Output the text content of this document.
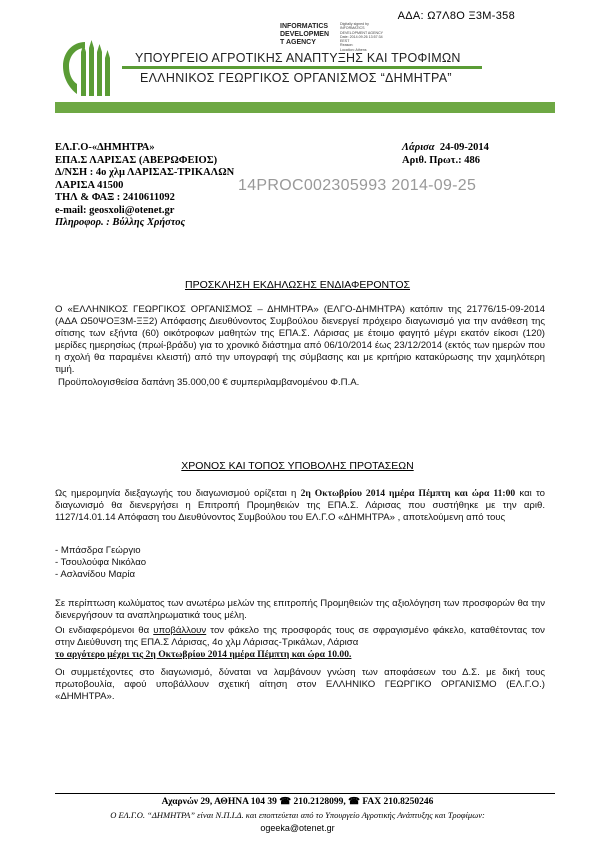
ΑΔΑ: Ω7Λ8Ο Ξ3Μ-358
INFORMATICS
DEVELOPMEN
T AGENCY
Digitally signed by
INFORMATICS
DEVELOPMENT AGENCY
Date: 2014.09.26 13:57:34
EEST
Reason:
Location: Athens
ΥΠΟΥΡΓΕΙΟ ΑΓΡΟΤΙΚΗΣ ΑΝΑΠΤΥΞΗΣ ΚΑΙ ΤΡΟΦΙΜΩΝ
ΕΛΛΗΝΙΚΟΣ ΓΕΩΡΓΙΚΟΣ ΟΡΓΑΝΙΣΜΟΣ “ΔΗΜΗΤΡΑ”
ΕΛ.Γ.Ο-«ΔΗΜΗΤΡΑ»
ΕΠΑ.Σ ΛΑΡΙΣΑΣ (ΑΒΕΡΩΦΕΙΟΣ)
Δ/ΝΣΗ : 4ο χλμ ΛΑΡΙΣΑΣ-ΤΡΙΚΑΛΩΝ
ΛΑΡΙΣΑ 41500
ΤΗΛ & ΦΑΞ : 2410611092
e-mail: geosxoli@otenet.gr
Πληροφορ. : Βύλλης Χρήστος
Λάρισα 24-09-2014
Αριθ. Πρωτ.: 486
14PROC002305993 2014-09-25
ΠΡΟΣΚΛΗΣΗ ΕΚΔΗΛΩΣΗΣ ΕΝΔΙΑΦΕΡΟΝΤΟΣ
Ο «ΕΛΛΗΝΙΚΟΣ ΓΕΩΡΓΙΚΟΣ ΟΡΓΑΝΙΣΜΟΣ – ΔΗΜΗΤΡΑ» (ΕΛΓΟ-ΔΗΜΗΤΡΑ) κατόπιν της 21776/15-09-2014 (ΑΔΑ Ω50ΨΟΞ3Μ-ΞΞ2) Απόφασης Διευθύνοντος Συμβούλου διενεργεί πρόχειρο διαγωνισμό για την ανάθεση της σίτισης των εξήντα (60) οικότροφων μαθητών της ΕΠΑ.Σ. Λάρισας με έτοιμο φαγητό μέγρι εκατόν είκοσι (120) μερίδες ημερησίως (πρωί-βράδυ) για το χρονικό διάστημα από 06/10/2014 έως 23/12/2014 (εκτός των ημερών που η σχολή θα παραμένει κλειστή) από την υπογραφή της σύμβασης και με κριτήριο κατακύρωσης την χαμηλότερη τιμή.
Προϋπολογισθείσα δαπάνη 35.000,00 € συμπεριλαμβανομένου Φ.Π.Α.
ΧΡΟΝΟΣ ΚΑΙ ΤΟΠΟΣ ΥΠΟΒΟΛΗΣ ΠΡΟΤΑΣΕΩΝ
Ως ημερομηνία διεξαγωγής του διαγωνισμού ορίζεται η 2η Οκτωβρίου 2014 ημέρα Πέμπτη και ώρα 11:00 και το διαγωνισμό θα διενεργήσει η Επιτροπή Προμηθειών της ΕΠΑ.Σ. Λάρισας που συστήθηκε με την αριθ. 1127/14.01.14 Απόφαση του Διευθύνοντος Συμβούλου του ΕΛ.Γ.Ο «ΔΗΜΗΤΡΑ» , αποτελούμενη από τους
- Μπάσδρα Γεώργιο
- Τσουλούφα Νικόλαο
- Ασλανίδου Μαρία
Σε περίπτωση κωλύματος των ανωτέρω μελών της επιτροπής Προμηθειών της αξιολόγηση των προσφορών θα την διενεργήσουν τα αναπληρωματικά τους μέλη.
Οι ενδιαφερόμενοι θα υποβάλλουν τον φάκελο της προσφοράς τους σε σφραγισμένο φάκελο, καταθέτοντας τον στην Διεύθυνση της ΕΠΑ.Σ Λάρισας, 4ο χλμ Λάρισας-Τρικάλων, Λάρισα
το αργότερο μέχρι τις 2η Οκτωβρίου 2014 ημέρα Πέμπτη και ώρα 10.00.
Οι συμμετέχοντες στο διαγωνισμό, δύναται να λαμβάνουν γνώση των αποφάσεων του Δ.Σ. με δική τους πρωτοβουλία, αφού υποβάλλουν σχετική αίτηση στον ΕΛΛΗΝΙΚΟ ΓΕΩΡΓΙΚΟ ΟΡΓΑΝΙΣΜΟ (ΕΛ.Γ.Ο.) «ΔΗΜΗΤΡΑ».
Αχαρνών 29, ΑΘΗΝΑ 104 39 ☎ 210.2128099, ☎ FAX 210.8250246
Ο ΕΛ.Γ.Ο. “ΔΗΜΗΤΡΑ” είναι Ν.Π.Ι.Δ. και εποπτεύεται από το Υπουργείο Αγροτικής Ανάπτυξης και Τροφίμων:
ogeeka@otenet.gr
